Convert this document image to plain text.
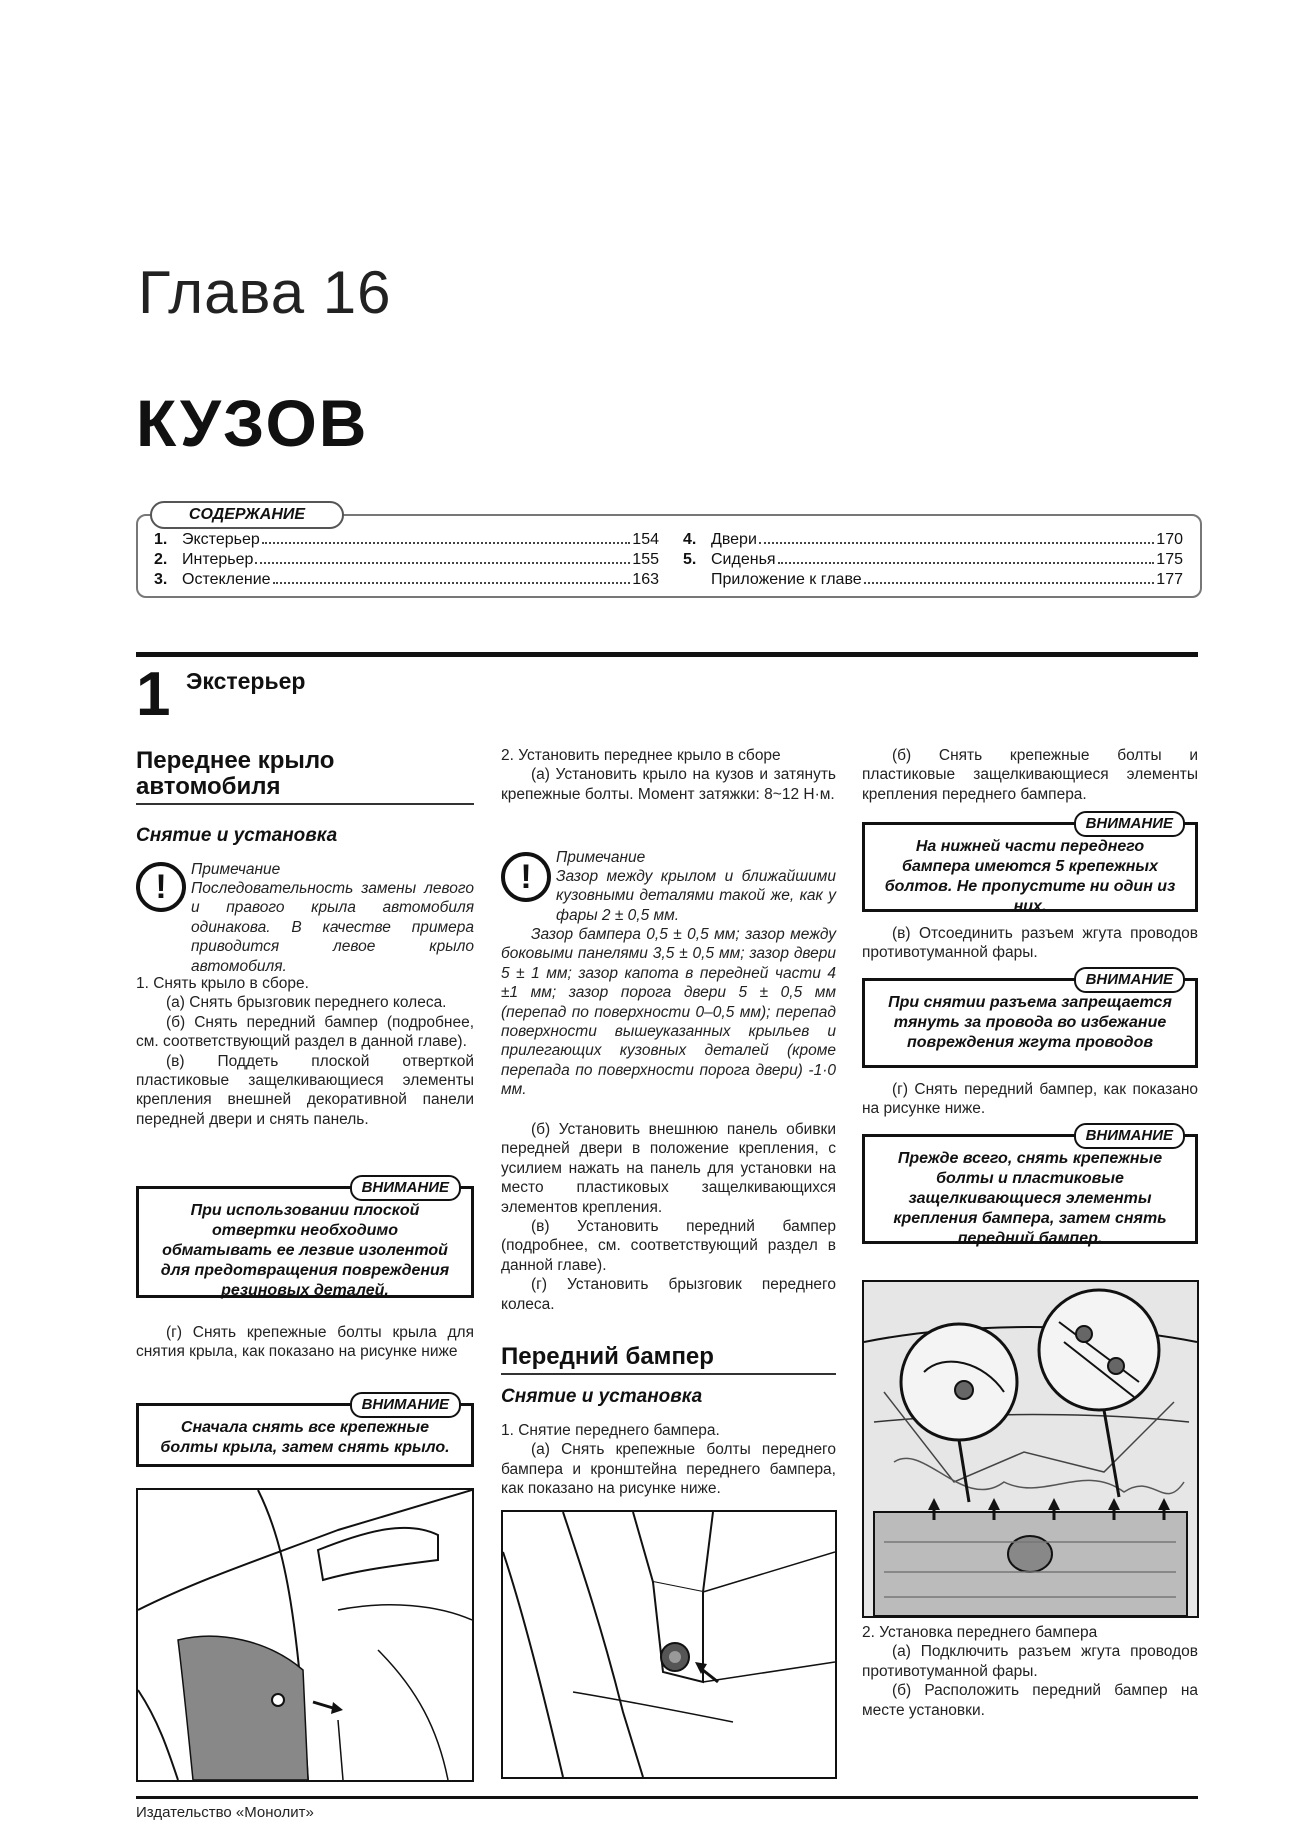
Глава 16
КУЗОВ
1. Экстерьер	154
2. Интерьер	155
3. Остекление	163
4. Двери	170
5. Сиденья	175
Приложение к главе	177
СОДЕРЖАНИЕ
1 Экстерьер
Переднее крыло
автомобиля
Снятие и установка
!	Примечание
Последовательность замены левого и правого крыла автомобиля одинакова. В качестве примера приводится левое крыло автомобиля.

1. Снять крыло в сборе.

(а) Снять брызговик переднего колеса.

(б) Снять передний бампер (подробнее, см. соответствующий раздел в данной главе).

(в) Поддеть плоской отверткой пластиковые защелкивающиеся элементы крепления внешней декоративной панели передней двери и снять панель.

ВНИМАНИЕ
При использовании плоской отвертки необходимо обматывать ее лезвие изолентой для предотвращения повреждения резиновых деталей.

(г) Снять крепежные болты крыла для снятия крыла, как показано на рисунке ниже

ВНИМАНИЕ
Сначала снять все крепежные болты крыла, затем снять крыло.

2. Установить переднее крыло в сборе

(а) Установить крыло на кузов и затянуть крепежные болты. Момент затяжки: 8~12 Н·м.

!
Примечание
Зазор между крылом и ближайшими кузовными деталями такой же, как у фары 2 ± 0,5 мм.
Зазор бампера 0,5 ± 0,5 мм; зазор между боковыми панелями 3,5 ± 0,5 мм; зазор двери 5 ± 1 мм; зазор капота в передней части 4 ±1 мм; зазор порога двери 5 ± 0,5 мм (перепад по поверхности 0–0,5 мм); перепад поверхности вышеуказанных крыльев и прилегающих кузовных деталей (кроме перепада по поверхности порога двери) -1·0 мм.

(б) Установить внешнюю панель обивки передней двери в положение крепления, с усилием нажать на панель для установки на место пластиковых защелкивающихся элементов крепления.

(в) Установить передний бампер (подробнее, см. соответствующий раздел в данной главе).

(г) Установить брызговик переднего колеса.

Передний бампер
Снятие и установка

1. Снятие переднего бампера.

(а) Снять крепежные болты переднего бампера и кронштейна переднего бампера, как показано на рисунке ниже.

(б) Снять крепежные болты и пластиковые защелкивающиеся элементы крепления переднего бампера.

ВНИМАНИЕ
На нижней части переднего бампера имеются 5 крепежных болтов. Не пропустите ни один из них.

(в) Отсоединить разъем жгута проводов противотуманной фары.

ВНИМАНИЕ
При снятии разъема запрещается тянуть за провода во избежание повреждения жгута проводов

(г) Снять передний бампер, как показано на рисунке ниже.

ВНИМАНИЕ
Прежде всего, снять крепежные болты и пластиковые защелкивающиеся элементы крепления бампера, затем снять передний бампер.

2. Установка переднего бампера

(а) Подключить разъем жгута проводов противотуманной фары.

(б) Расположить передний бампер на месте установки.

Издательство «Монолит»
